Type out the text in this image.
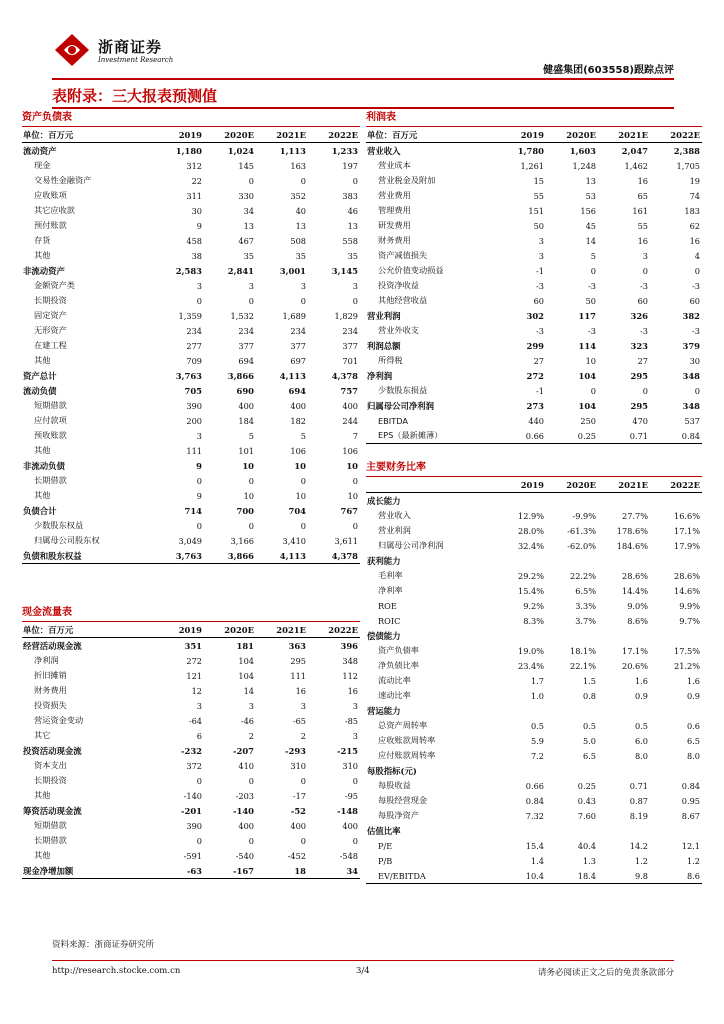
浙商证券
Investment Research
健盛集团(603558)跟踪点评
表附录：三大报表预测值
资产负债表
单位：百万元	2019	2020E	2021E	2022E
流动资产	1,180	1,024	1,113	1,233
现金	312	145	163	197
交易性金融资产	22	0	0	0
应收账项	311	330	352	383
其它应收款	30	34	40	46
预付账款	9	13	13	13
存货	458	467	508	558
其他	38	35	35	35
非流动资产	2,583	2,841	3,001	3,145
金额资产类	3	3	3	3
长期投资	0	0	0	0
固定资产	1,359	1,532	1,689	1,829
无形资产	234	234	234	234
在建工程	277	377	377	377
其他	709	694	697	701
资产总计	3,763	3,866	4,113	4,378
流动负债	705	690	694	757
短期借款	390	400	400	400
应付款项	200	184	182	244
预收账款	3	5	5	7
其他	111	101	106	106
非流动负债	9	10	10	10
长期借款	0	0	0	0
其他	9	10	10	10
负债合计	714	700	704	767
少数股东权益	0	0	0	0
归属母公司股东权	3,049	3,166	3,410	3,611
负债和股东权益	3,763	3,866	4,113	4,378
现金流量表
单位：百万元	2019	2020E	2021E	2022E
经营活动现金流	351	181	363	396
净利润	272	104	295	348
折旧摊销	121	104	111	112
财务费用	12	14	16	16
投资损失	3	3	3	3
营运资金变动	-64	-46	-65	-85
其它	6	2	2	3
投资活动现金流	-232	-207	-293	-215
资本支出	372	410	310	310
长期投资	0	0	0	0
其他	-140	-203	-17	-95
筹资活动现金流	-201	-140	-52	-148
短期借款	390	400	400	400
长期借款	0	0	0	0
其他	-591	-540	-452	-548
现金净增加额	-63	-167	18	34
利润表
单位：百万元	2019	2020E	2021E	2022E
营业收入	1,780	1,603	2,047	2,388
营业成本	1,261	1,248	1,462	1,705
营业税金及附加	15	13	16	19
营业费用	55	53	65	74
管理费用	151	156	161	183
研发费用	50	45	55	62
财务费用	3	14	16	16
资产减值损失	3	5	3	4
公允价值变动损益	-1	0	0	0
投资净收益	-3	-3	-3	-3
其他经营收益	60	50	60	60
营业利润	302	117	326	382
营业外收支	-3	-3	-3	-3
利润总额	299	114	323	379
所得税	27	10	27	30
净利润	272	104	295	348
少数股东损益	-1	0	0	0
归属母公司净利润	273	104	295	348
EBITDA	440	250	470	537
EPS（最新摊薄）	0.66	0.25	0.71	0.84
主要财务比率
	2019	2020E	2021E	2022E
成长能力				
营业收入	12.9%	-9.9%	27.7%	16.6%
营业利润	28.0%	-61.3%	178.6%	17.1%
归属母公司净利润	32.4%	-62.0%	184.6%	17.9%
获利能力				
毛利率	29.2%	22.2%	28.6%	28.6%
净利率	15.4%	6.5%	14.4%	14.6%
ROE	9.2%	3.3%	9.0%	9.9%
ROIC	8.3%	3.7%	8.6%	9.7%
偿债能力				
资产负债率	19.0%	18.1%	17.1%	17.5%
净负债比率	23.4%	22.1%	20.6%	21.2%
流动比率	1.7	1.5	1.6	1.6
速动比率	1.0	0.8	0.9	0.9
营运能力				
总资产周转率	0.5	0.5	0.5	0.6
应收账款周转率	5.9	5.0	6.0	6.5
应付账款周转率	7.2	6.5	8.0	8.0
每股指标(元)				
每股收益	0.66	0.25	0.71	0.84
每股经营现金	0.84	0.43	0.87	0.95
每股净资产	7.32	7.60	8.19	8.67
估值比率				
P/E	15.4	40.4	14.2	12.1
P/B	1.4	1.3	1.2	1.2
EV/EBITDA	10.4	18.4	9.8	8.6
资料来源：浙商证券研究所
http://research.stocke.com.cn	3/4	请务必阅读正文之后的免责条款部分
